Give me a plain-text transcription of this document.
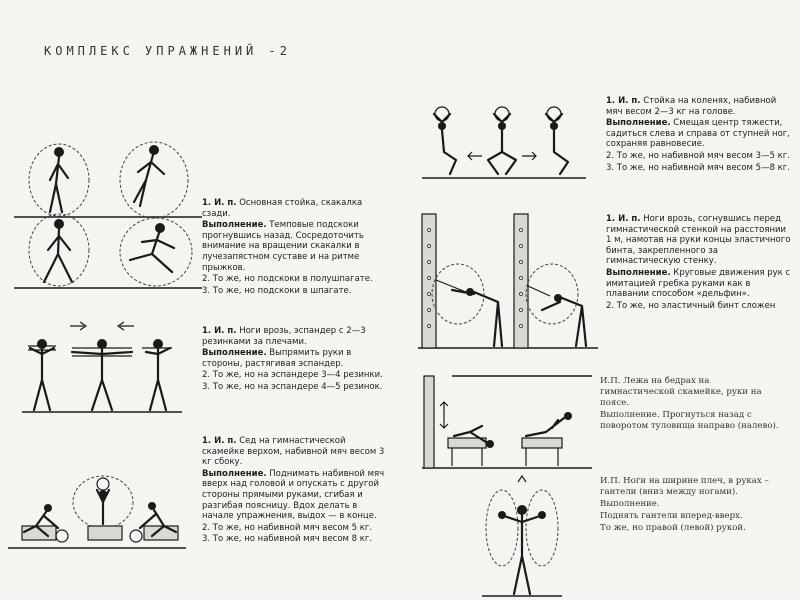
КОМПЛЕКС УПРАЖНЕНИЙ -2

1. И. п. Основная стойка, скакалка сзади.

Выполнение. Темповые подскоки прогнувшись назад. Сосредоточить внимание на вращении скакалки в лучезапястном суставе и на ритме прыжков.

2. То же, но подскоки в полушпагате.

3. То же, но подскоки в шпагате.

1. И. п. Ноги врозь, эспандер с 2—3 резинками за плечами.

Выполнение. Выпрямить руки в стороны, растягивая эспандер.

2. То же, но на эспандере 3—4 резинки.

3. То же, но на эспандере 4—5 резинок.

1. И. п. Сед на гимнастической скамейке верхом, набивной мяч весом 3 кг сбоку.

Выполнение. Поднимать набивной мяч вверх над головой и опускать с другой стороны прямыми руками, сгибая и разгибая поясницу. Вдох делать в начале упражнения, выдох — в конце.

2. То же, но набивной мяч весом 5 кг.

3. То же, но набивной мяч весом 8 кг.

1. И. п. Стойка на коленях, набивной мяч весом 2—3 кг на голове.

Выполнение. Смещая центр тяжести, садиться слева и справа от ступней ног, сохраняя равновесие.

2. То же, но набивной мяч весом 3—5 кг.

3. То же, но набивной мяч весом 5—8 кг.

1. И. п. Ноги врозь, согнувшись перед гимнастической стенкой на расстоянии 1 м, намотав на руки концы эластичного бинта, закрепленного за гимнастическую стенку.

Выполнение. Круговые движения рук с имитацией гребка руками как в плавании способом «дельфин».

2. То же, но эластичный бинт сложен

И.П. Лежа на бедрах на гимнастической скамейке, руки на поясе.

Выполнение. Прогнуться назад с поворотом туловища направо (налево).

И.П. Ноги на ширине плеч, в руках – гантели (вниз между ногами).

Выполнение.

Поднять гантели вперед-вверх.

То же, но правой (левой) рукой.
